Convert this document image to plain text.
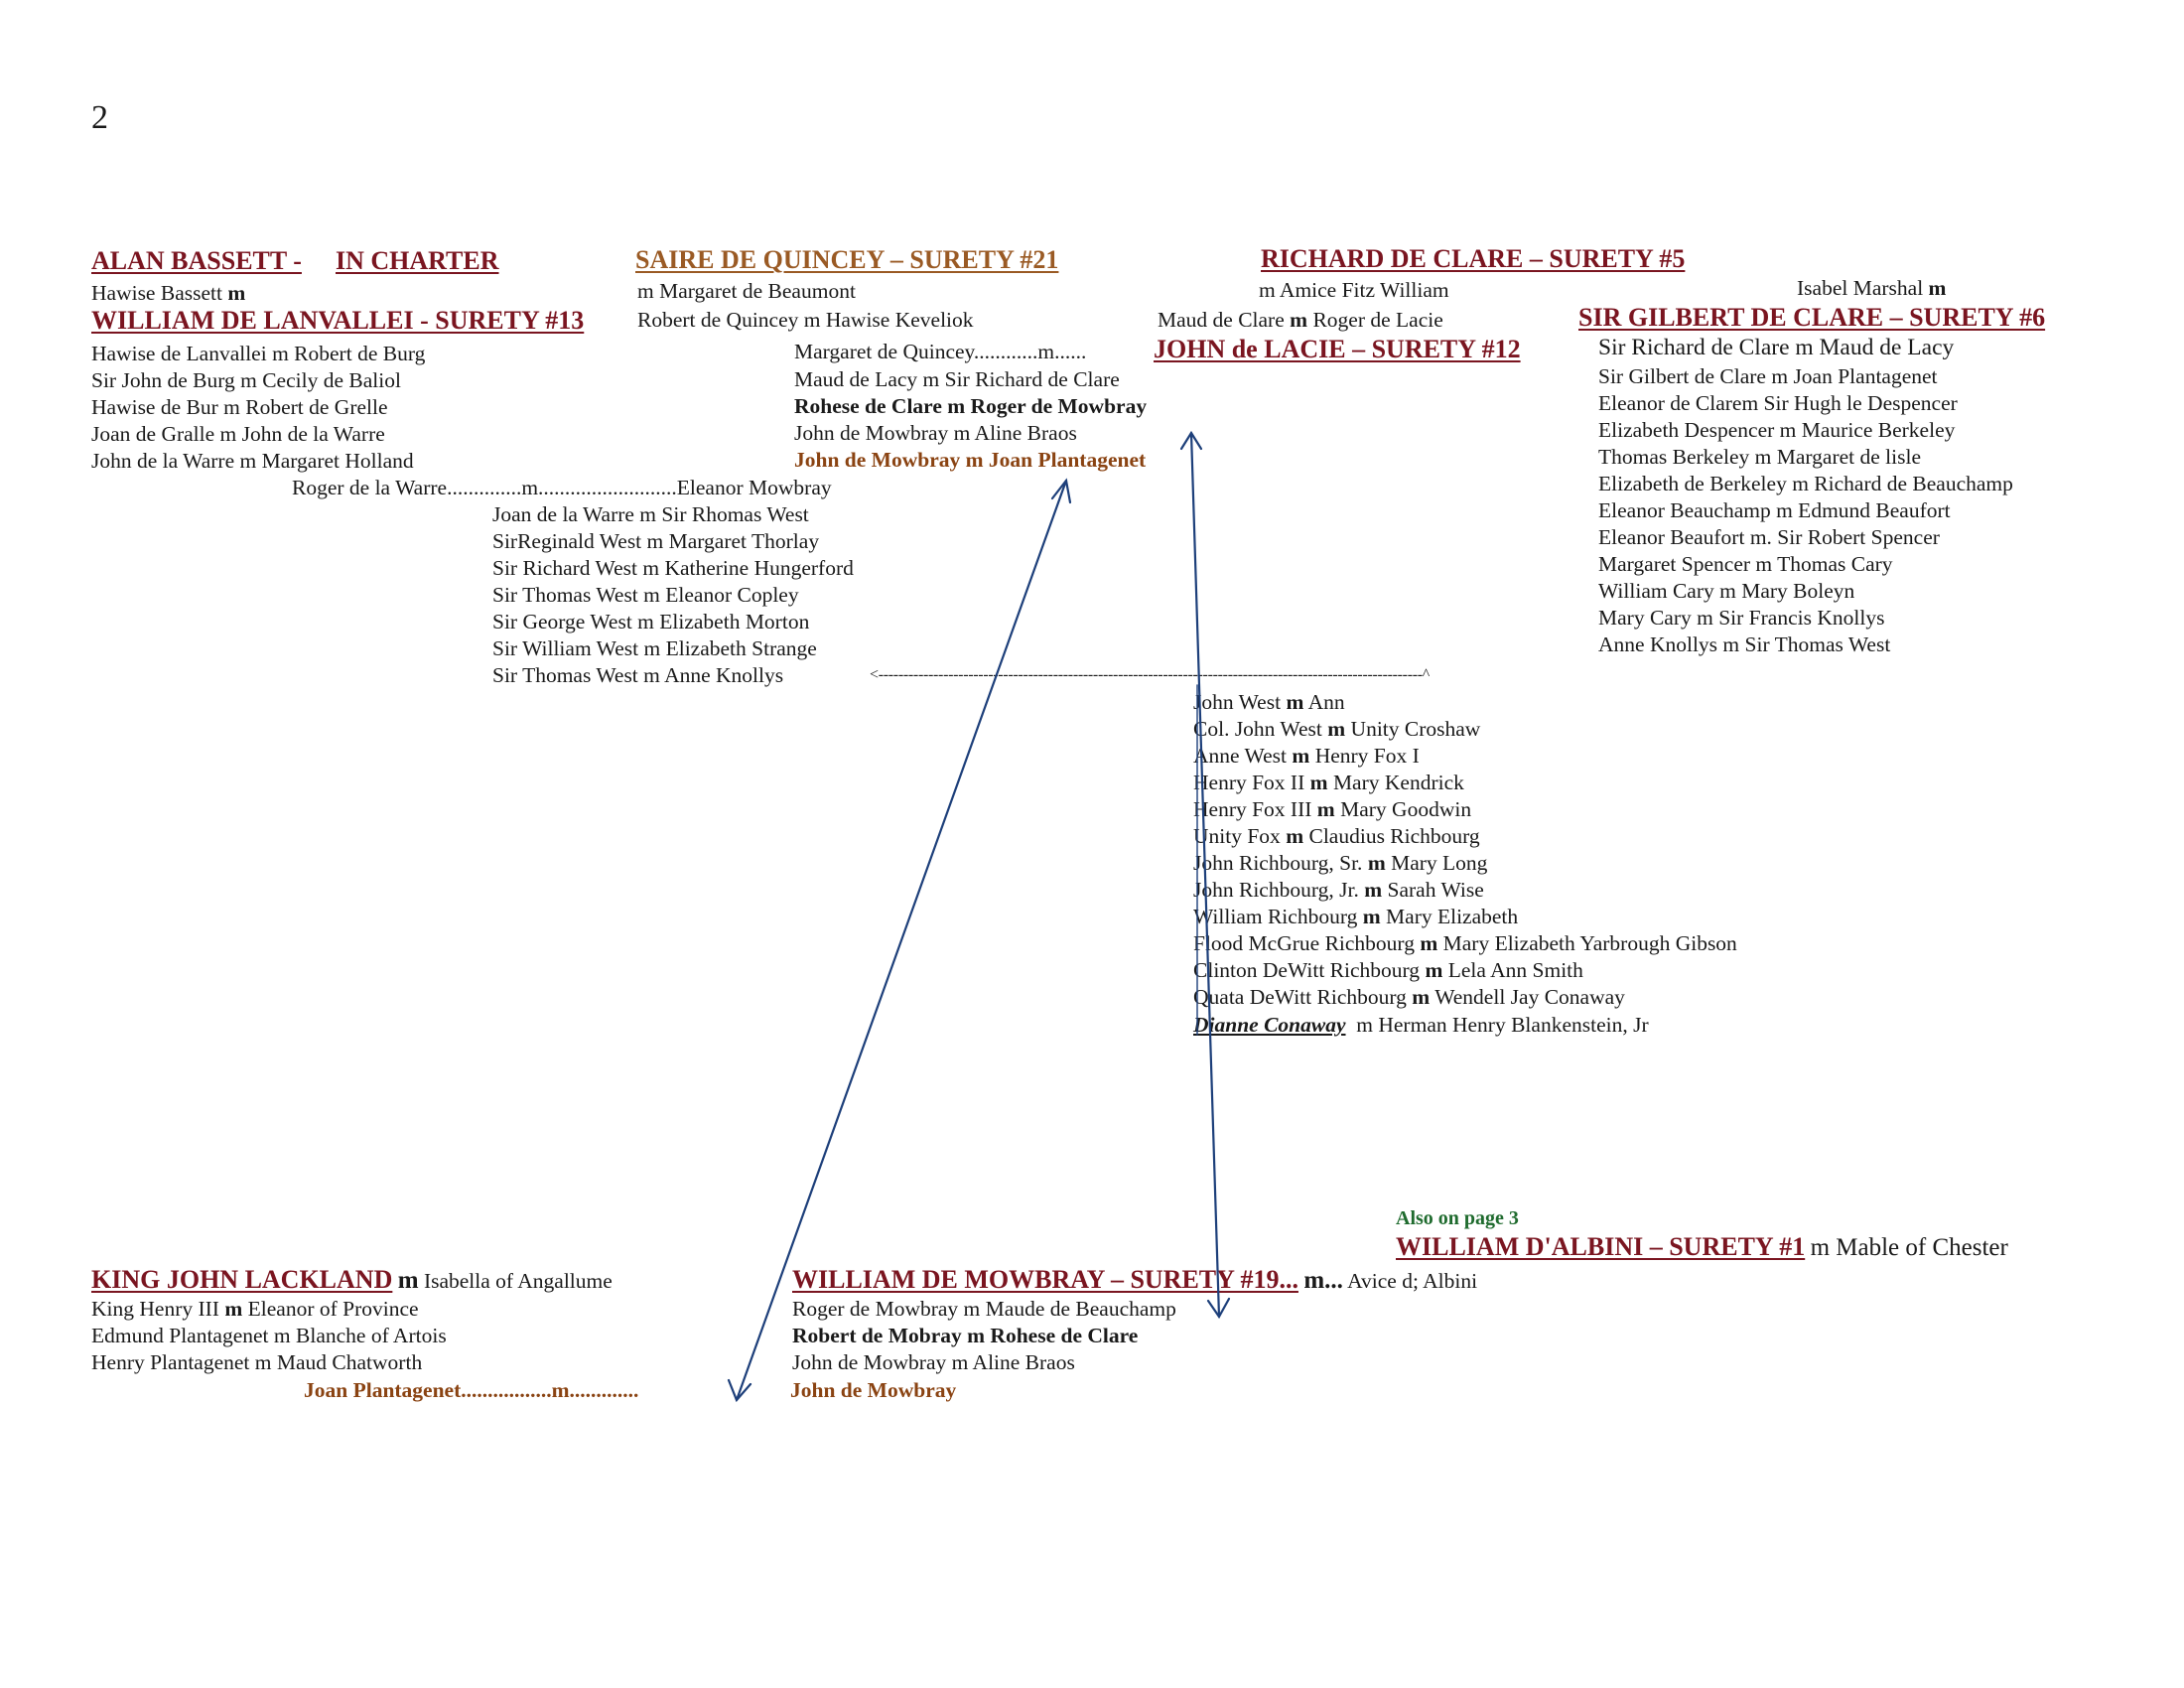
2
ALAN BASSETT - IN CHARTER
Hawise Bassett m
WILLIAM DE LANVALLEI - SURETY #13
Hawise de Lanvallei m Robert de Burg
Sir John de Burg m Cecily de Baliol
Hawise de Bur m Robert de Grelle
Joan de Gralle m John de la Warre
John de la Warre m Margaret Holland
Roger de la Warre..............m..........................Eleanor Mowbray
Joan de la Warre m Sir Rhomas West
SirReginald West m Margaret Thorlay
Sir Richard West m Katherine Hungerford
Sir Thomas West m Eleanor Copley
Sir George West m Elizabeth Morton
Sir William West m Elizabeth Strange
Sir Thomas West m Anne Knollys	<-------------------------------------------------------------------------------------------------------------^
SAIRE DE QUINCEY – SURETY #21
m Margaret de Beaumont
Robert de Quincey m Hawise Keveliok
Margaret de Quincey............m......	JOHN de LACIE – SURETY #12
Maud de Lacy m Sir Richard de Clare
Rohese de Clare m Roger de Mowbray
John de Mowbray m Aline Braos
John de Mowbray m Joan Plantagenet
RICHARD DE CLARE – SURETY #5
m Amice Fitz William
Maud de Clare m Roger de Lacie
Isabel Marshal m
SIR GILBERT DE CLARE – SURETY #6
Sir Richard de Clare m Maud de Lacy
Sir Gilbert de Clare m Joan Plantagenet
Eleanor de Clarem Sir Hugh le Despencer
Elizabeth Despencer m Maurice Berkeley
Thomas Berkeley m Margaret de lisle
Elizabeth de Berkeley m Richard de Beauchamp
Eleanor Beauchamp m Edmund Beaufort
Eleanor Beaufort m. Sir Robert Spencer
Margaret Spencer m Thomas Cary
William Cary m Mary Boleyn
Mary Cary m Sir Francis Knollys
Anne Knollys m Sir Thomas West
John West m Ann
Col. John West m Unity Croshaw
Anne West m Henry Fox I
Henry Fox II m Mary Kendrick
Henry Fox III m Mary Goodwin
Unity Fox m Claudius Richbourg
John Richbourg, Sr. m Mary Long
John Richbourg, Jr. m Sarah Wise
William Richbourg m Mary Elizabeth
Flood McGrue Richbourg m Mary Elizabeth Yarbrough Gibson
Clinton DeWitt Richbourg m Lela Ann Smith
Quata DeWitt Richbourg m Wendell Jay Conaway
Dianne Conaway m Herman Henry Blankenstein, Jr
KING JOHN LACKLAND m Isabella of Angallume
King Henry III m Eleanor of Province
Edmund Plantagenet m Blanche of Artois
Henry Plantagenet m Maud Chatworth
Joan Plantagenet.................m.............	John de Mowbray
WILLIAM DE MOWBRAY – SURETY #19... m... Avice d; Albini
Roger de Mowbray m Maude de Beauchamp
Robert de Mobray m Rohese de Clare
John de Mowbray m Aline Braos
Also on page 3
WILLIAM D'ALBINI – SURETY #1 m Mable of Chester
